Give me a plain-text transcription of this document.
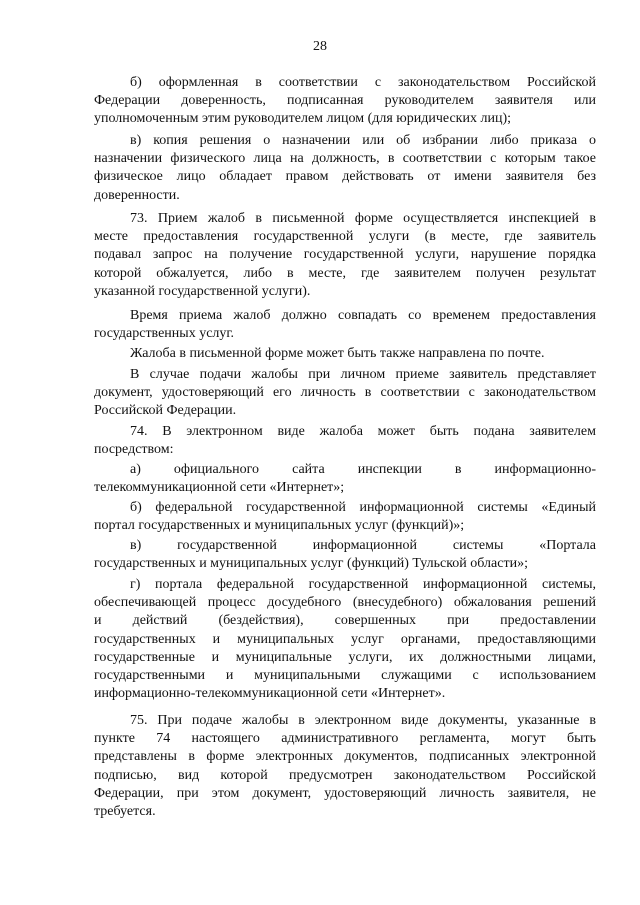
28
б) оформленная в соответствии с законодательством Российской
Федерации доверенность, подписанная руководителем заявителя или
уполномоченным этим руководителем лицом (для юридических лиц);
в) копия решения о назначении или об избрании либо приказа о
назначении физического лица на должность, в соответствии с которым такое
физическое лицо обладает правом действовать от имени заявителя без
доверенности.
73. Прием жалоб в письменной форме осуществляется инспекцией в
месте предоставления государственной услуги (в месте, где заявитель
подавал запрос на получение государственной услуги, нарушение порядка
которой обжалуется, либо в месте, где заявителем получен результат
указанной государственной услуги).
Время приема жалоб должно совпадать со временем предоставления
государственных услуг.
Жалоба в письменной форме может быть также направлена по почте.
В случае подачи жалобы при личном приеме заявитель представляет
документ, удостоверяющий его личность в соответствии с законодательством
Российской Федерации.
74. В электронном виде жалоба может быть подана заявителем
посредством:
а) официального сайта инспекции в информационно-
телекоммуникационной сети «Интернет»;
б) федеральной государственной информационной системы «Единый
портал государственных и муниципальных услуг (функций)»;
в) государственной информационной системы «Портала
государственных и муниципальных услуг (функций) Тульской области»;
г) портала федеральной государственной информационной системы,
обеспечивающей процесс досудебного (внесудебного) обжалования решений
и действий (бездействия), совершенных при предоставлении
государственных и муниципальных услуг органами, предоставляющими
государственные и муниципальные услуги, их должностными лицами,
государственными и муниципальными служащими с использованием
информационно-телекоммуникационной сети «Интернет».
75. При подаче жалобы в электронном виде документы, указанные в
пункте 74 настоящего административного регламента, могут быть
представлены в форме электронных документов, подписанных электронной
подписью, вид которой предусмотрен законодательством Российской
Федерации, при этом документ, удостоверяющий личность заявителя, не
требуется.
